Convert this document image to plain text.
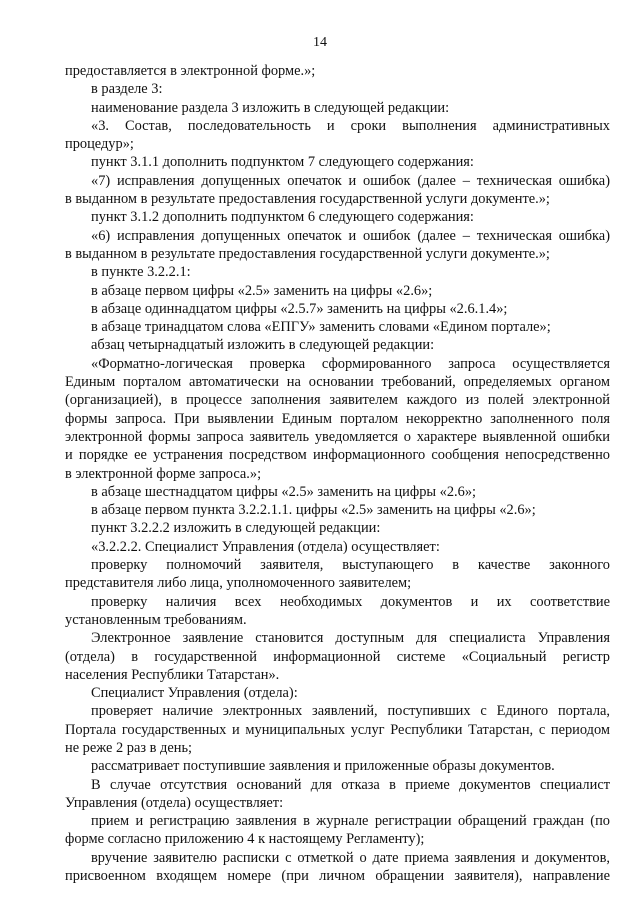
14
предоставляется в электронной форме.»;
в разделе 3:
наименование раздела 3 изложить в следующей редакции:
«3. Состав, последовательность и сроки выполнения административных
процедур»;
пункт 3.1.1 дополнить подпунктом 7 следующего содержания:
«7) исправления допущенных опечаток и ошибок (далее – техническая ошибка)
в выданном в результате предоставления государственной услуги документе.»;
пункт 3.1.2 дополнить подпунктом 6 следующего содержания:
«6) исправления допущенных опечаток и ошибок (далее – техническая ошибка)
в выданном в результате предоставления государственной услуги документе.»;
в пункте 3.2.2.1:
в абзаце первом цифры «2.5» заменить на цифры «2.6»;
в абзаце одиннадцатом цифры «2.5.7» заменить на цифры «2.6.1.4»;
в абзаце тринадцатом слова «ЕПГУ» заменить словами «Едином портале»;
абзац четырнадцатый изложить в следующей редакции:
«Форматно-логическая проверка сформированного запроса осуществляется
Единым порталом автоматически на основании требований, определяемых органом
(организацией), в процессе заполнения заявителем каждого из полей электронной
формы запроса. При выявлении Единым порталом некорректно заполненного поля
электронной формы запроса заявитель уведомляется о характере выявленной ошибки
и порядке ее устранения посредством информационного сообщения непосредственно
в электронной форме запроса.»;
в абзаце шестнадцатом цифры «2.5» заменить на цифры «2.6»;
в абзаце первом пункта 3.2.2.1.1. цифры «2.5» заменить на цифры «2.6»;
пункт 3.2.2.2 изложить в следующей редакции:
«3.2.2.2. Специалист Управления (отдела) осуществляет:
проверку полномочий заявителя, выступающего в качестве законного
представителя либо лица, уполномоченного заявителем;
проверку наличия всех необходимых документов и их соответствие
установленным требованиям.
Электронное заявление становится доступным для специалиста Управления
(отдела) в государственной информационной системе «Социальный регистр
населения Республики Татарстан».
Специалист Управления (отдела):
проверяет наличие электронных заявлений, поступивших с Единого портала,
Портала государственных и муниципальных услуг Республики Татарстан, с периодом
не реже 2 раз в день;
рассматривает поступившие заявления и приложенные образы документов.
В случае отсутствия оснований для отказа в приеме документов специалист
Управления (отдела) осуществляет:
прием и регистрацию заявления в журнале регистрации обращений граждан (по
форме согласно приложению 4 к настоящему Регламенту);
вручение заявителю расписки с отметкой о дате приема заявления и документов,
присвоенном входящем номере (при личном обращении заявителя), направление
